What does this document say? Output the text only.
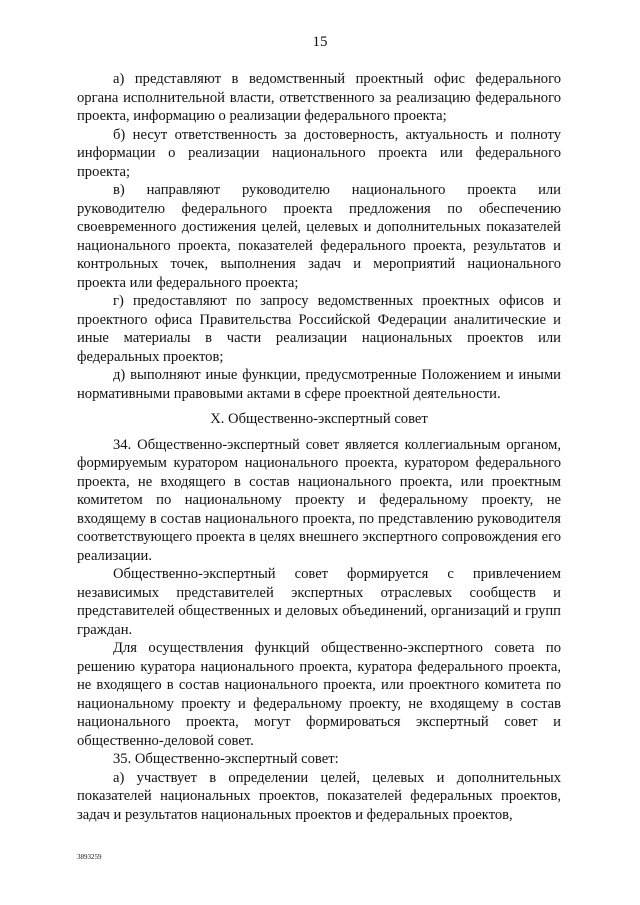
15

а) представляют в ведомственный проектный офис федерального органа исполнительной власти, ответственного за реализацию федерального проекта, информацию о реализации федерального проекта;

б) несут ответственность за достоверность, актуальность и полноту информации о реализации национального проекта или федерального проекта;

в) направляют руководителю национального проекта или руководителю федерального проекта предложения по обеспечению своевременного достижения целей, целевых и дополнительных показателей национального проекта, показателей федерального проекта, результатов и контрольных точек, выполнения задач и мероприятий национального проекта или федерального проекта;

г) предоставляют по запросу ведомственных проектных офисов и проектного офиса Правительства Российской Федерации аналитические и иные материалы в части реализации национальных проектов или федеральных проектов;

д) выполняют иные функции, предусмотренные Положением и иными нормативными правовыми актами в сфере проектной деятельности.

X. Общественно-экспертный совет

34. Общественно-экспертный совет является коллегиальным органом, формируемым куратором национального проекта, куратором федерального проекта, не входящего в состав национального проекта, или проектным комитетом по национальному проекту и федеральному проекту, не входящему в состав национального проекта, по представлению руководителя соответствующего проекта в целях внешнего экспертного сопровождения его реализации.

Общественно-экспертный совет формируется с привлечением независимых представителей экспертных отраслевых сообществ и представителей общественных и деловых объединений, организаций и групп граждан.

Для осуществления функций общественно-экспертного совета по решению куратора национального проекта, куратора федерального проекта, не входящего в состав национального проекта, или проектного комитета по национальному проекту и федеральному проекту, не входящему в состав национального проекта, могут формироваться экспертный совет и общественно-деловой совет.

35. Общественно-экспертный совет:

а) участвует в определении целей, целевых и дополнительных показателей национальных проектов, показателей федеральных проектов, задач и результатов национальных проектов и федеральных проектов,

3893259
